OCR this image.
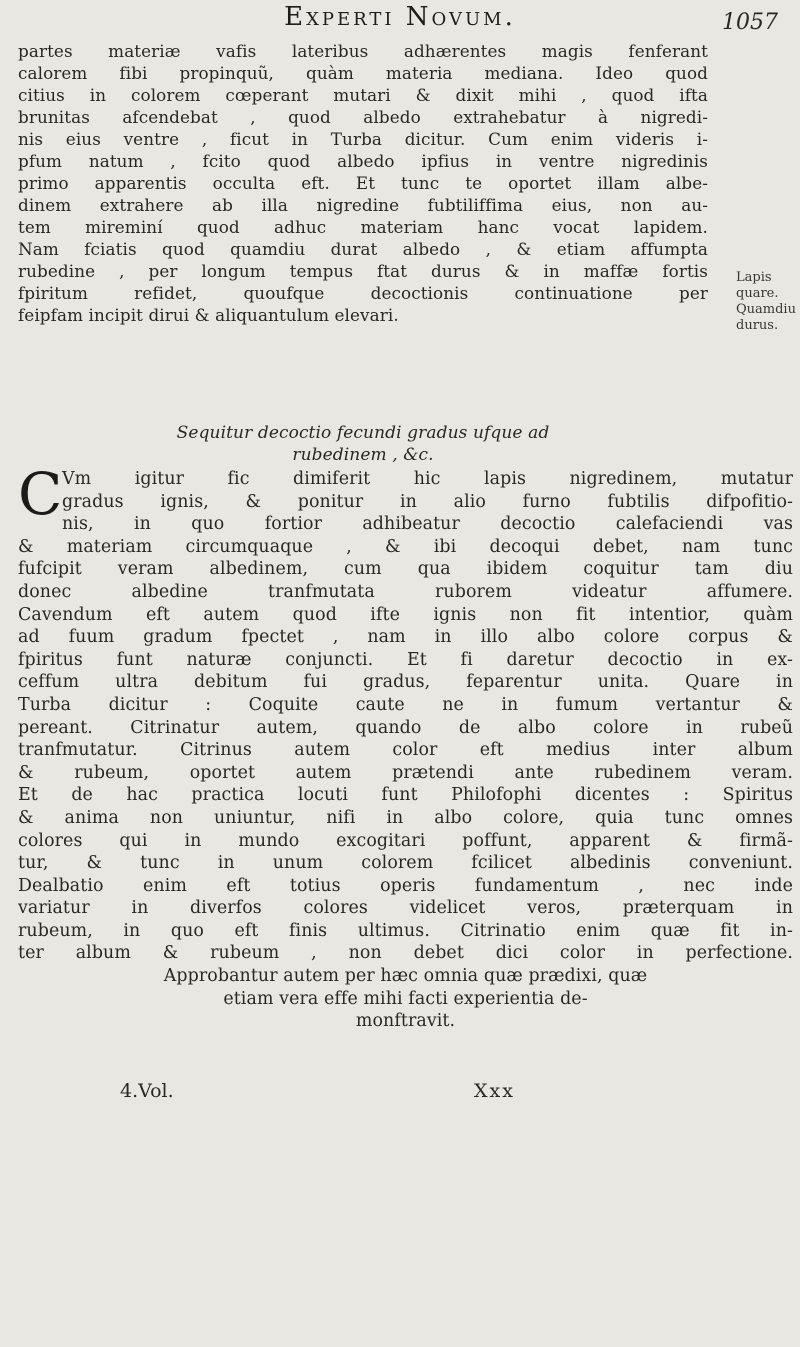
Experti Novum.	1057
partes materiæ vafis lateribus adhærentes magis fenferant
calorem fibi propinquũ, quàm materia mediana. Ideo quod
citius in colorem cœperant mutari & dixit mihi , quod ifta
brunitas afcendebat , quod albedo extrahebatur à nigredi-
nis eius ventre , ficut in Turba dicitur. Cum enim videris i-
pfum natum , fcito quod albedo ipfius in ventre nigredinis
primo apparentis occulta eft. Et tunc te oportet illam albe-
dinem extrahere ab illa nigredine fubtiliffima eius, non au-
tem mireminí quod adhuc materiam hanc vocat lapidem.
Nam fciatis quod quamdiu durat albedo , & etiam affumpta
rubedine , per longum tempus ftat durus & in maffæ fortis
fpiritum refidet, quoufque decoctionis continuatione per
feipfam incipit dirui & aliquantulum elevari.
Lapis
quare.
Quamdiu
durus.
Sequitur decoctio fecundi gradus ufque ad
rubedinem , &c.
C Vm igitur fic dimiferit hic lapis nigredinem, mutatur
gradus ignis, & ponitur in alio furno fubtilis difpofitio-
nis, in quo fortior adhibeatur decoctio calefaciendi vas
& materiam circumquaque , & ibi decoqui debet, nam tunc
fufcipit veram albedinem, cum qua ibidem coquitur tam diu
donec albedine tranfmutata ruborem videatur affumere.
Cavendum eft autem quod ifte ignis non fit intentior, quàm
ad fuum gradum fpectet , nam in illo albo colore corpus &
fpiritus funt naturæ conjuncti. Et fi daretur decoctio in ex-
ceffum ultra debitum fui gradus, feparentur unita. Quare in
Turba dicitur : Coquite caute ne in fumum vertantur &
pereant. Citrinatur autem, quando de albo colore in rubeũ
tranfmutatur. Citrinus autem color eft medius inter album
& rubeum, oportet autem prætendi ante rubedinem veram.
Et de hac practica locuti funt Philofophi dicentes : Spiritus
& anima non uniuntur, nifi in albo colore, quia tunc omnes
colores qui in mundo excogitari poffunt, apparent & firmã-
tur, & tunc in unum colorem fcilicet albedinis conveniunt.
Dealbatio enim eft totius operis fundamentum , nec inde
variatur in diverfos colores videlicet veros, præterquam in
rubeum, in quo eft finis ultimus. Citrinatio enim quæ fit in-
ter album & rubeum , non debet dici color in perfectione.
Approbantur autem per hæc omnia quæ prædixi, quæ
etiam vera effe mihi facti experientia de-
monftravit.
4.Vol.	Xxx
